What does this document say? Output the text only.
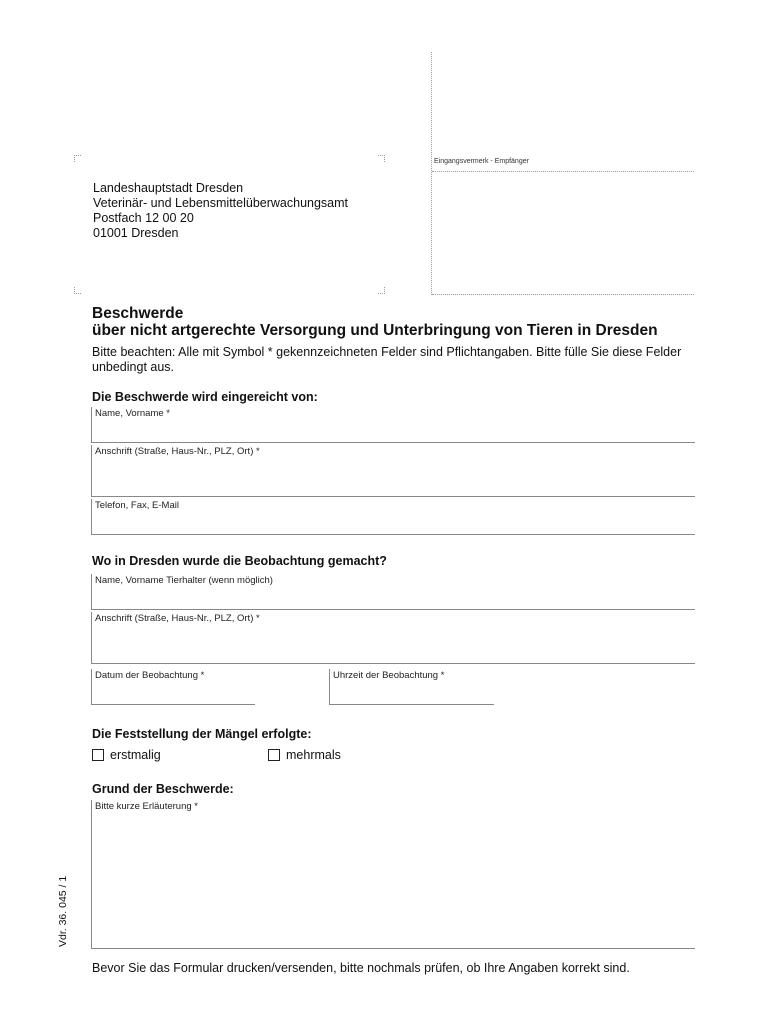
Eingangsvermerk - Empfänger
Landeshauptstadt Dresden
Veterinär- und Lebensmittelüberwachungsamt
Postfach 12 00 20
01001 Dresden
Beschwerde
über nicht artgerechte Versorgung und Unterbringung von Tieren in Dresden
Bitte beachten: Alle mit Symbol * gekennzeichneten Felder sind Pflichtangaben. Bitte fülle Sie diese Felder unbedingt aus.
Die Beschwerde wird eingereicht von:
Name, Vorname *
Anschrift (Straße, Haus-Nr., PLZ, Ort) *
Telefon, Fax, E-Mail
Wo in Dresden wurde die Beobachtung gemacht?
Name, Vorname Tierhalter (wenn möglich)
Anschrift (Straße, Haus-Nr., PLZ, Ort) *
Datum der Beobachtung *	Uhrzeit der Beobachtung *
Die Feststellung der Mängel erfolgte:
erstmalig	mehrmals
Grund der Beschwerde:
Bitte kurze Erläuterung *
Vdr. 36. 045 / 1
Bevor Sie das Formular drucken/versenden, bitte nochmals prüfen, ob Ihre Angaben korrekt sind.
